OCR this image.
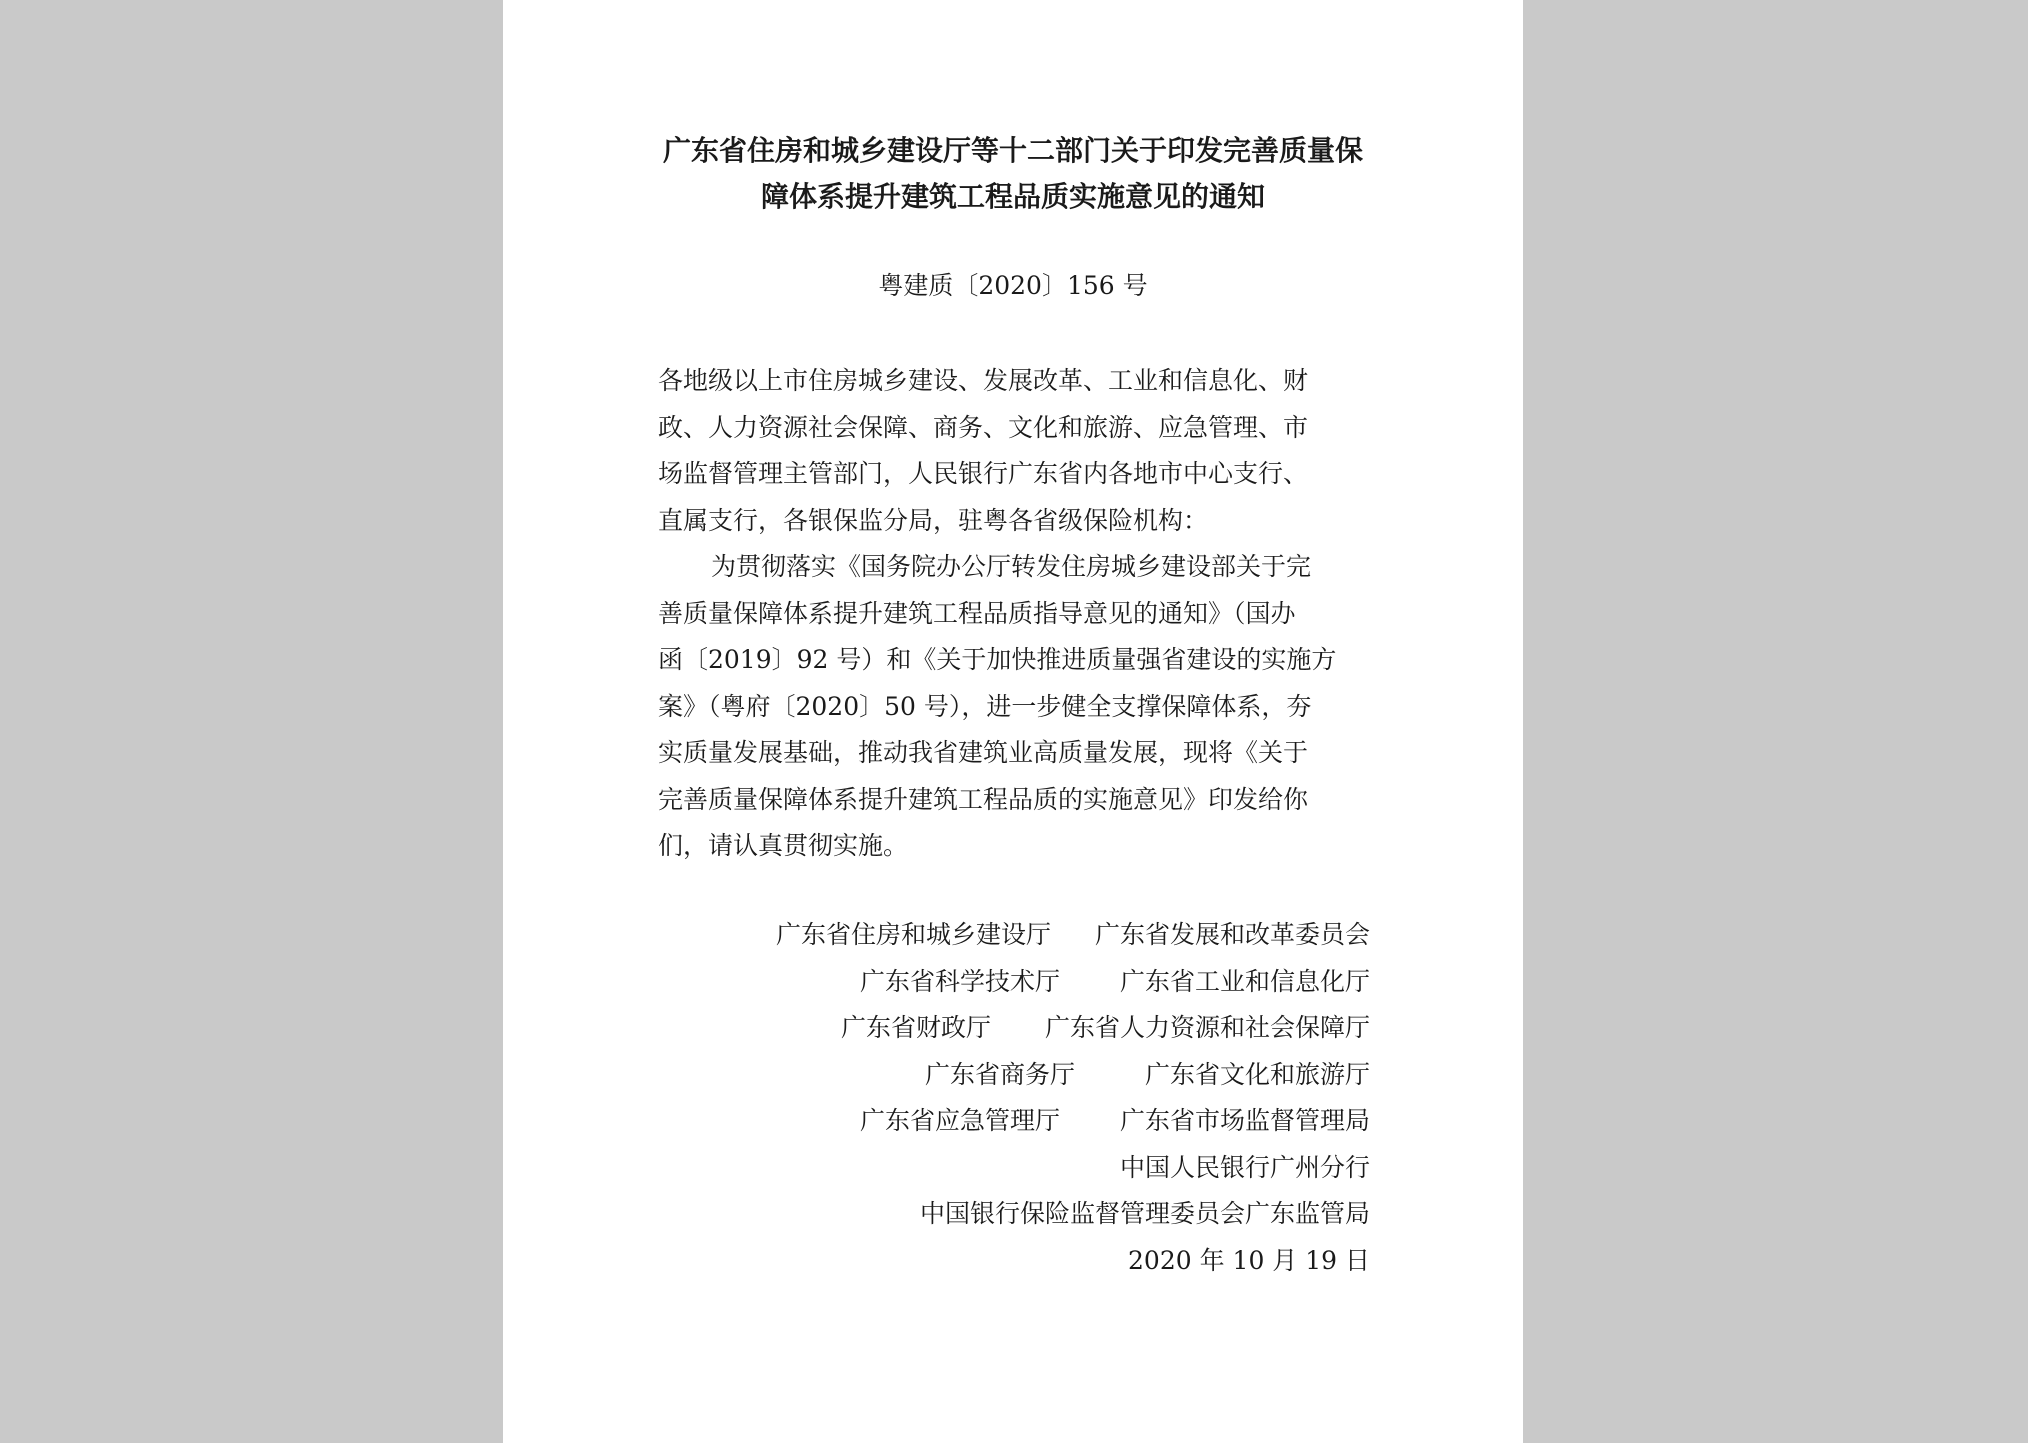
广东省住房和城乡建设厅等十二部门关于印发完善质量保
障体系提升建筑工程品质实施意见的通知
粤建质〔2020〕156 号
各地级以上市住房城乡建设、发展改革、工业和信息化、财
政、人力资源社会保障、商务、文化和旅游、应急管理、市
场监督管理主管部门，人民银行广东省内各地市中心支行、
直属支行，各银保监分局，驻粤各省级保险机构：
为贯彻落实《国务院办公厅转发住房城乡建设部关于完
善质量保障体系提升建筑工程品质指导意见的通知》（国办
函〔2019〕92 号）和《关于加快推进质量强省建设的实施方
案》（粤府〔2020〕50 号），进一步健全支撑保障体系，夯
实质量发展基础，推动我省建筑业高质量发展，现将《关于
完善质量保障体系提升建筑工程品质的实施意见》印发给你
们，请认真贯彻实施。
广东省住房和城乡建设厅 广东省发展和改革委员会
广东省科学技术厅 广东省工业和信息化厅
广东省财政厅 广东省人力资源和社会保障厅
广东省商务厅	广东省文化和旅游厅
广东省应急管理厅 广东省市场监督管理局
中国人民银行广州分行
中国银行保险监督管理委员会广东监管局
2020 年 10 月 19 日
